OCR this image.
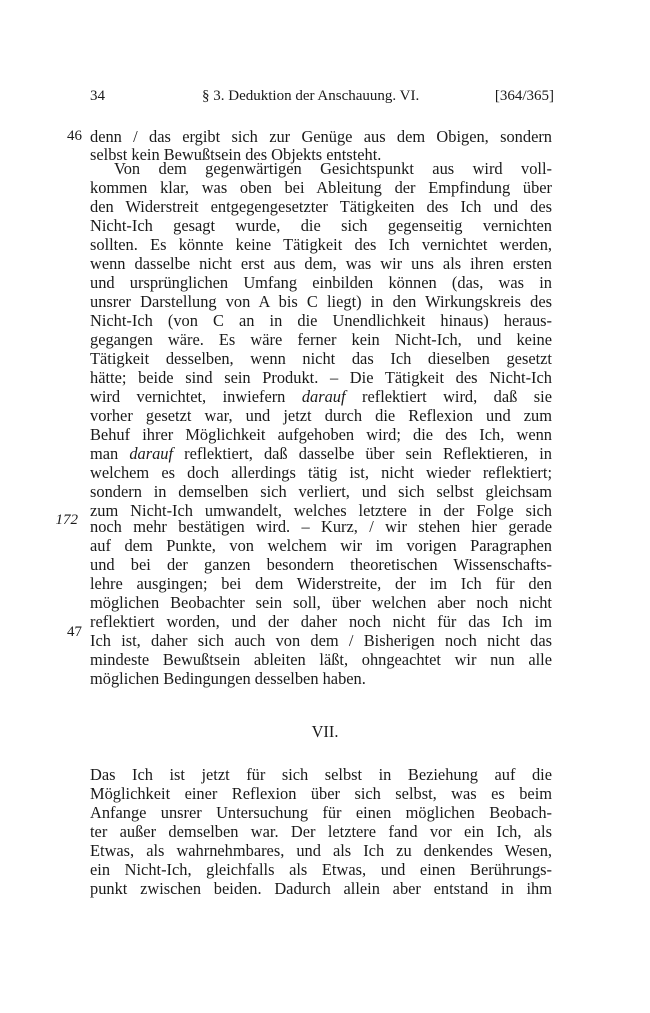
34	§ 3. Deduktion der Anschauung. VI.	[364/365]
46
172
47
denn / das ergibt sich zur Genüge aus dem Obigen, sondern
selbst kein Bewußtsein des Objekts entsteht.
Von dem gegenwärtigen Gesichtspunkt aus wird voll-
kommen klar, was oben bei Ableitung der Empfindung über
den Widerstreit entgegengesetzter Tätigkeiten des Ich und des
Nicht-Ich gesagt wurde, die sich gegenseitig vernichten
sollten. Es könnte keine Tätigkeit des Ich vernichtet werden,
wenn dasselbe nicht erst aus dem, was wir uns als ihren ersten
und ursprünglichen Umfang einbilden können (das, was in
unsrer Darstellung von A bis C liegt) in den Wirkungskreis des
Nicht-Ich (von C an in die Unendlichkeit hinaus) heraus-
gegangen wäre. Es wäre ferner kein Nicht-Ich, und keine
Tätigkeit desselben, wenn nicht das Ich dieselben gesetzt
hätte; beide sind sein Produkt. – Die Tätigkeit des Nicht-Ich
wird vernichtet, inwiefern darauf reflektiert wird, daß sie
vorher gesetzt war, und jetzt durch die Reflexion und zum
Behuf ihrer Möglichkeit aufgehoben wird; die des Ich, wenn
man darauf reflektiert, daß dasselbe über sein Reflektieren, in
welchem es doch allerdings tätig ist, nicht wieder reflektiert;
sondern in demselben sich verliert, und sich selbst gleichsam
zum Nicht-Ich umwandelt, welches letztere in der Folge sich
noch mehr bestätigen wird. – Kurz, / wir stehen hier gerade
auf dem Punkte, von welchem wir im vorigen Paragraphen
und bei der ganzen besondern theoretischen Wissenschafts-
lehre ausgingen; bei dem Widerstreite, der im Ich für den
möglichen Beobachter sein soll, über welchen aber noch nicht
reflektiert worden, und der daher noch nicht für das Ich im
Ich ist, daher sich auch von dem / Bisherigen noch nicht das
mindeste Bewußtsein ableiten läßt, ohngeachtet wir nun alle
möglichen Bedingungen desselben haben.
VII.
Das Ich ist jetzt für sich selbst in Beziehung auf die
Möglichkeit einer Reflexion über sich selbst, was es beim
Anfange unsrer Untersuchung für einen möglichen Beobach-
ter außer demselben war. Der letztere fand vor ein Ich, als
Etwas, als wahrnehmbares, und als Ich zu denkendes Wesen,
ein Nicht-Ich, gleichfalls als Etwas, und einen Berührungs-
punkt zwischen beiden. Dadurch allein aber entstand in ihm
